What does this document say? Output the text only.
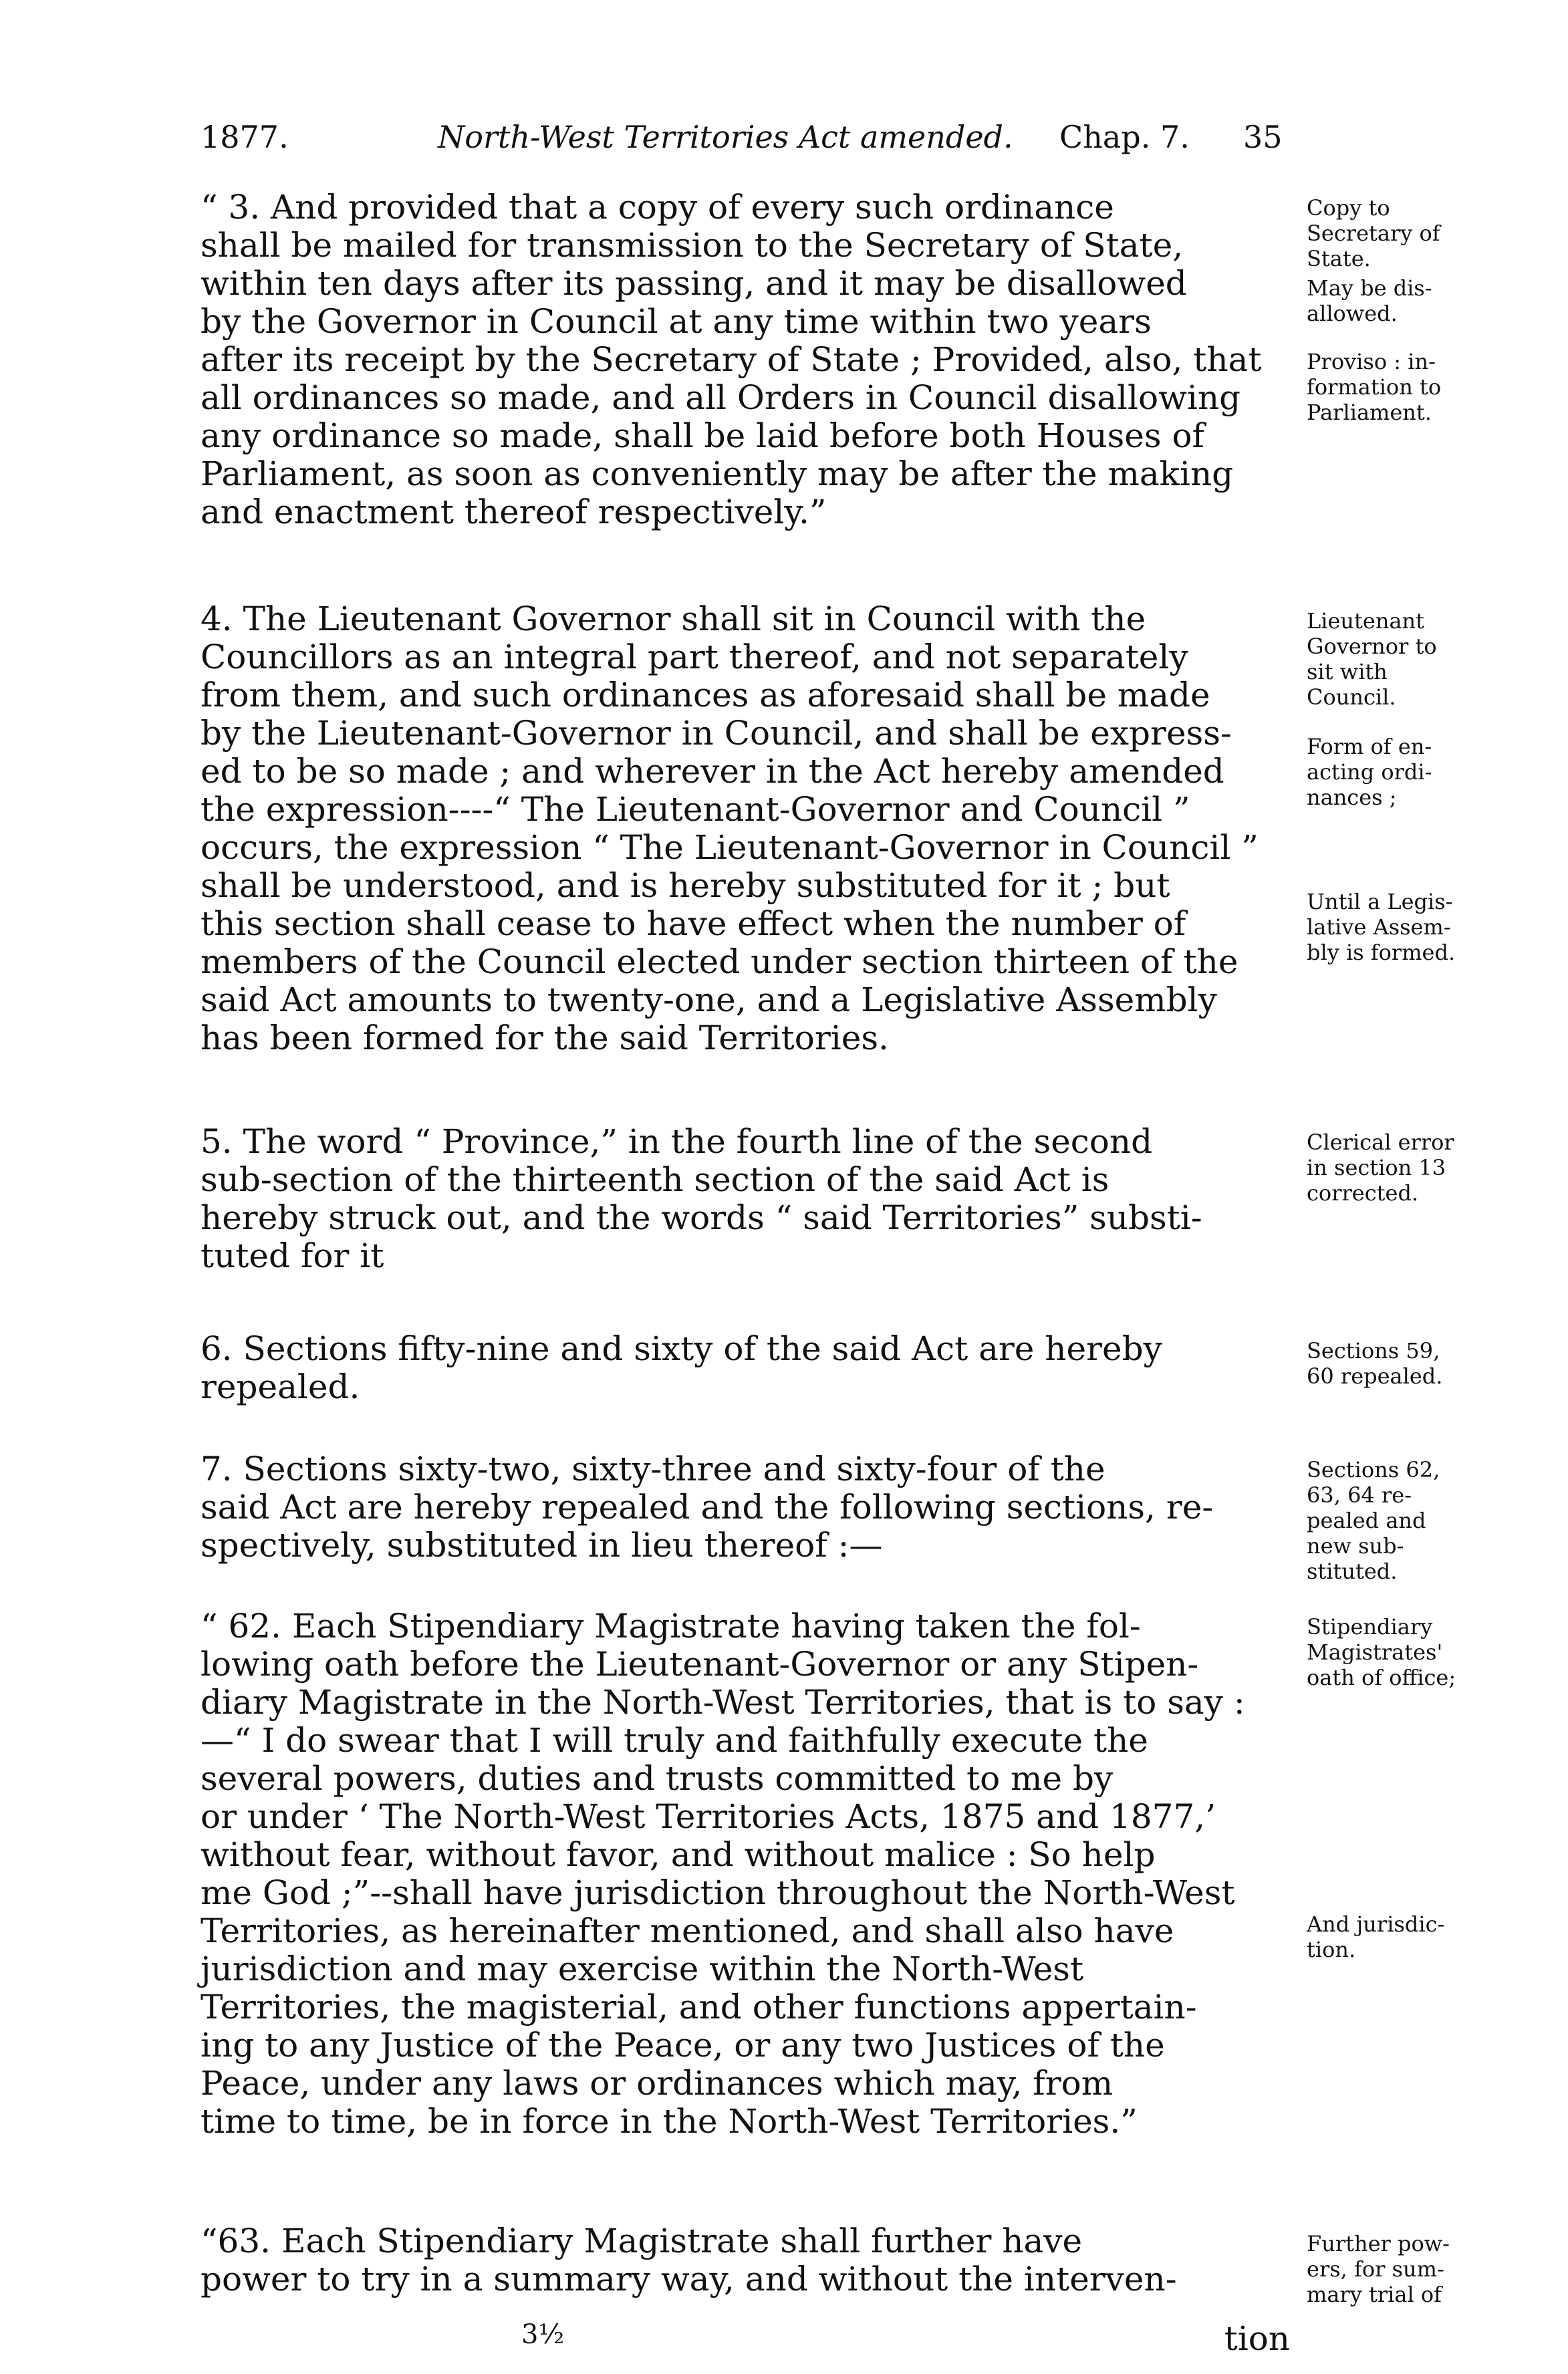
1877.	North-West Territories Act amended. Chap. 7. 35
“ 3. And provided that a copy of every such ordinance
shall be mailed for transmission to the Secretary of State,
within ten days after its passing, and it may be disallowed
by the Governor in Council at any time within two years
after its receipt by the Secretary of State ; Provided, also, that
all ordinances so made, and all Orders in Council disallowing
any ordinance so made, shall be laid before both Houses of
Parliament, as soon as conveniently may be after the making
and enactment thereof respectively.”
4. The Lieutenant Governor shall sit in Council with the
Councillors as an integral part thereof, and not separately
from them, and such ordinances as aforesaid shall be made
by the Lieutenant-Governor in Council, and shall be express-
ed to be so made ; and wherever in the Act hereby amended
the expression----“ The Lieutenant-Governor and Council ”
occurs, the expression “ The Lieutenant-Governor in Council ”
shall be understood, and is hereby substituted for it ; but
this section shall cease to have effect when the number of
members of the Council elected under section thirteen of the
said Act amounts to twenty-one, and a Legislative Assembly
has been formed for the said Territories.
5. The word “ Province,” in the fourth line of the second
sub-section of the thirteenth section of the said Act is
hereby struck out, and the words “ said Territories” substi-
tuted for it
6. Sections fifty-nine and sixty of the said Act are hereby
repealed.
7. Sections sixty-two, sixty-three and sixty-four of the
said Act are hereby repealed and the following sections, re-
spectively, substituted in lieu thereof :—
“ 62. Each Stipendiary Magistrate having taken the fol-
lowing oath before the Lieutenant-Governor or any Stipen-
diary Magistrate in the North-West Territories, that is to say :
—“ I do swear that I will truly and faithfully execute the
several powers, duties and trusts committed to me by
or under ‘ The North-West Territories Acts, 1875 and 1877,’
without fear, without favor, and without malice : So help
me God ;”--shall have jurisdiction throughout the North-West
Territories, as hereinafter mentioned, and shall also have
jurisdiction and may exercise within the North-West
Territories, the magisterial, and other functions appertain-
ing to any Justice of the Peace, or any two Justices of the
Peace, under any laws or ordinances which may, from
time to time, be in force in the North-West Territories.”
“63. Each Stipendiary Magistrate shall further have
power to try in a summary way, and without the interven-
Copy to
Secretary of
State.
May be dis-
allowed.
Proviso : in-
formation to
Parliament.
Lieutenant
Governor to
sit with
Council.
Form of en-
acting ordi-
nances ;
Until a Legis-
lative Assem-
bly is formed.
Clerical error
in section 13
corrected.
Sections 59,
60 repealed.
Sections 62,
63, 64 re-
pealed and
new sub-
stituted.
Stipendiary
Magistrates'
oath of office;
And jurisdic-
tion.
Further pow-
ers, for sum-
mary trial of
3½	tion
